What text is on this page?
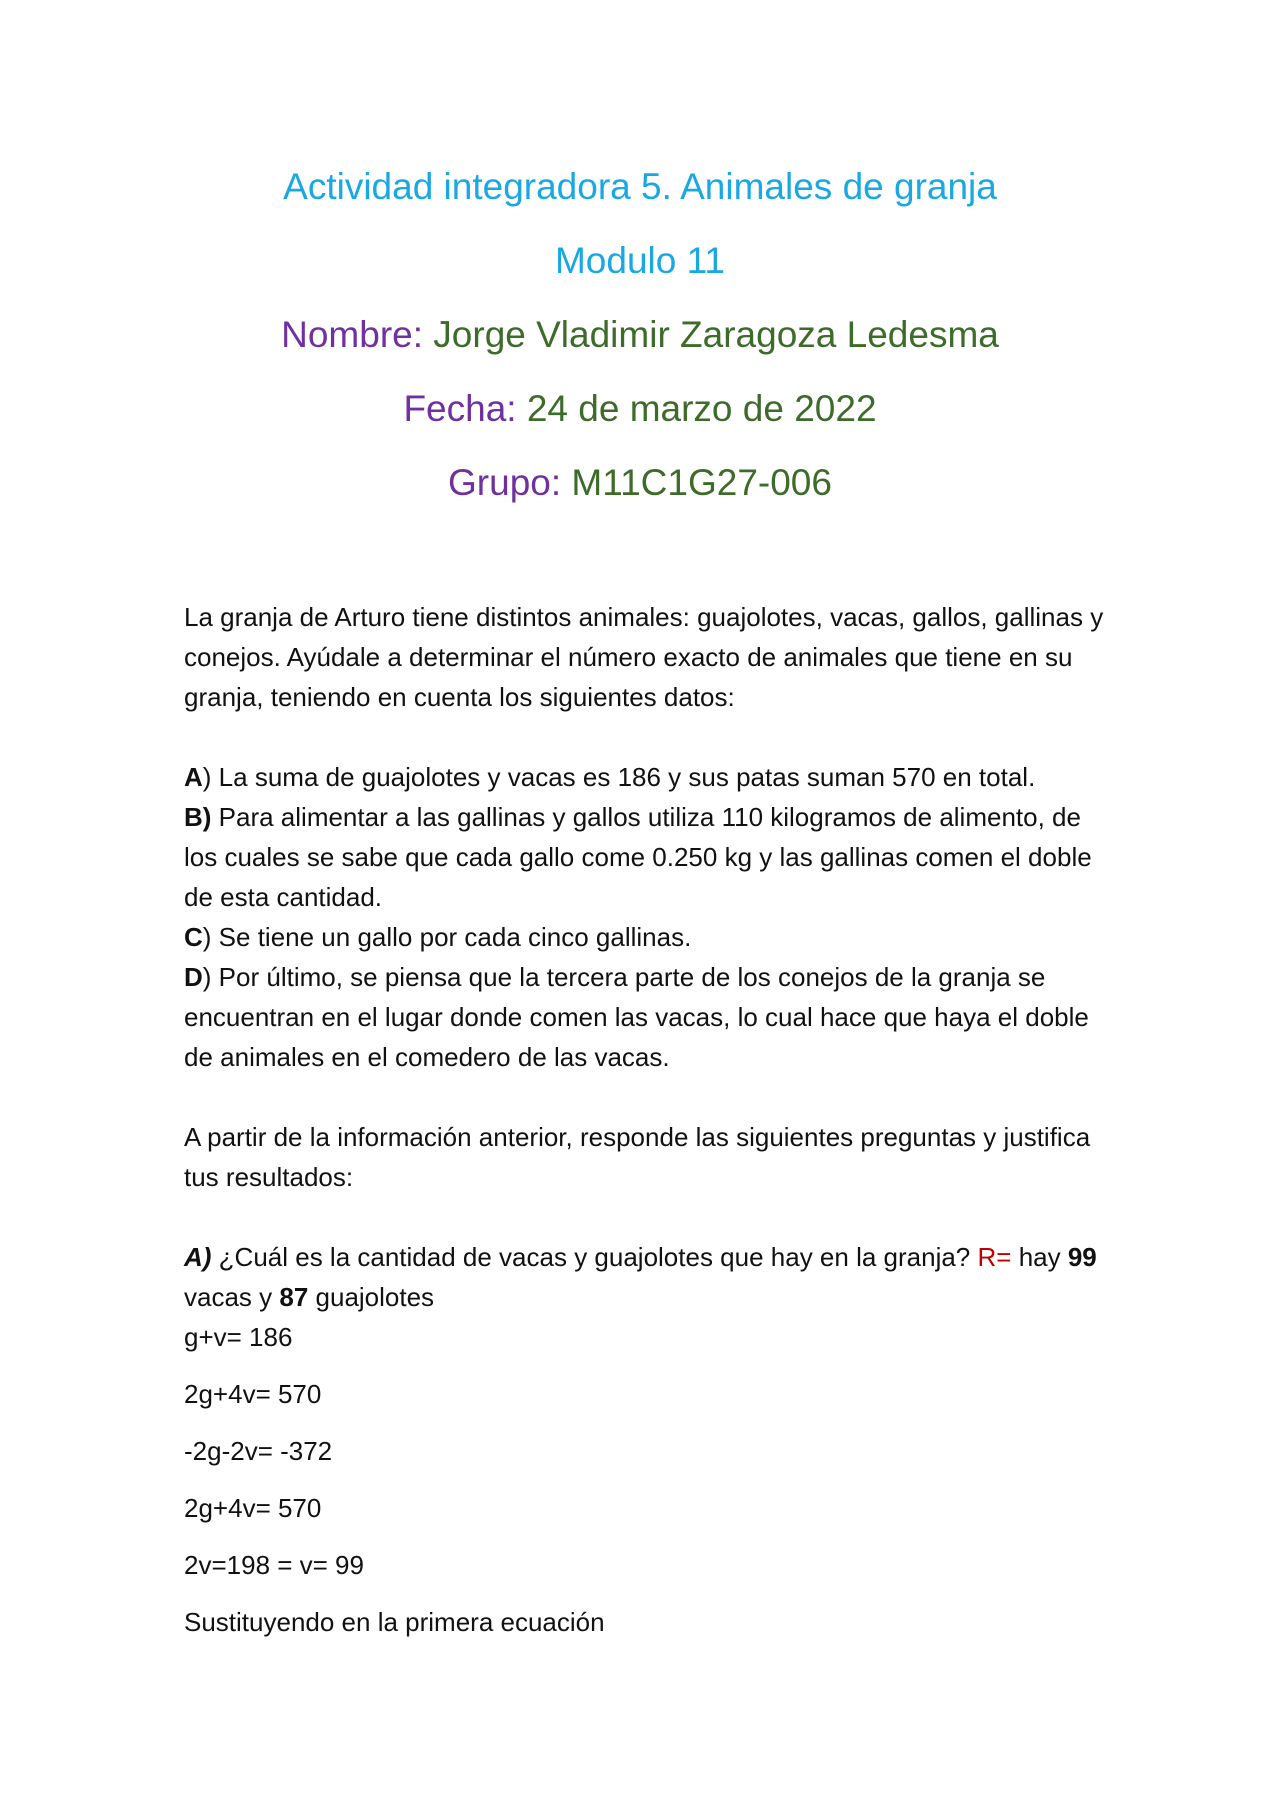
Actividad integradora 5. Animales de granja
Modulo 11
Nombre: Jorge Vladimir Zaragoza Ledesma
Fecha: 24 de marzo de 2022
Grupo: M11C1G27-006

La granja de Arturo tiene distintos animales: guajolotes, vacas, gallos, gallinas y conejos. Ayúdale a determinar el número exacto de animales que tiene en su granja, teniendo en cuenta los siguientes datos:

A) La suma de guajolotes y vacas es 186 y sus patas suman 570 en total.

B) Para alimentar a las gallinas y gallos utiliza 110 kilogramos de alimento, de los cuales se sabe que cada gallo come 0.250 kg y las gallinas comen el doble de esta cantidad.

C) Se tiene un gallo por cada cinco gallinas.

D) Por último, se piensa que la tercera parte de los conejos de la granja se encuentran en el lugar donde comen las vacas, lo cual hace que haya el doble de animales en el comedero de las vacas.

A partir de la información anterior, responde las siguientes preguntas y justifica tus resultados:

A) ¿Cuál es la cantidad de vacas y guajolotes que hay en la granja? R= hay 99 vacas y 87 guajolotes

g+v= 186

2g+4v= 570

-2g-2v= -372

2g+4v= 570

2v=198 = v= 99

Sustituyendo en la primera ecuación
